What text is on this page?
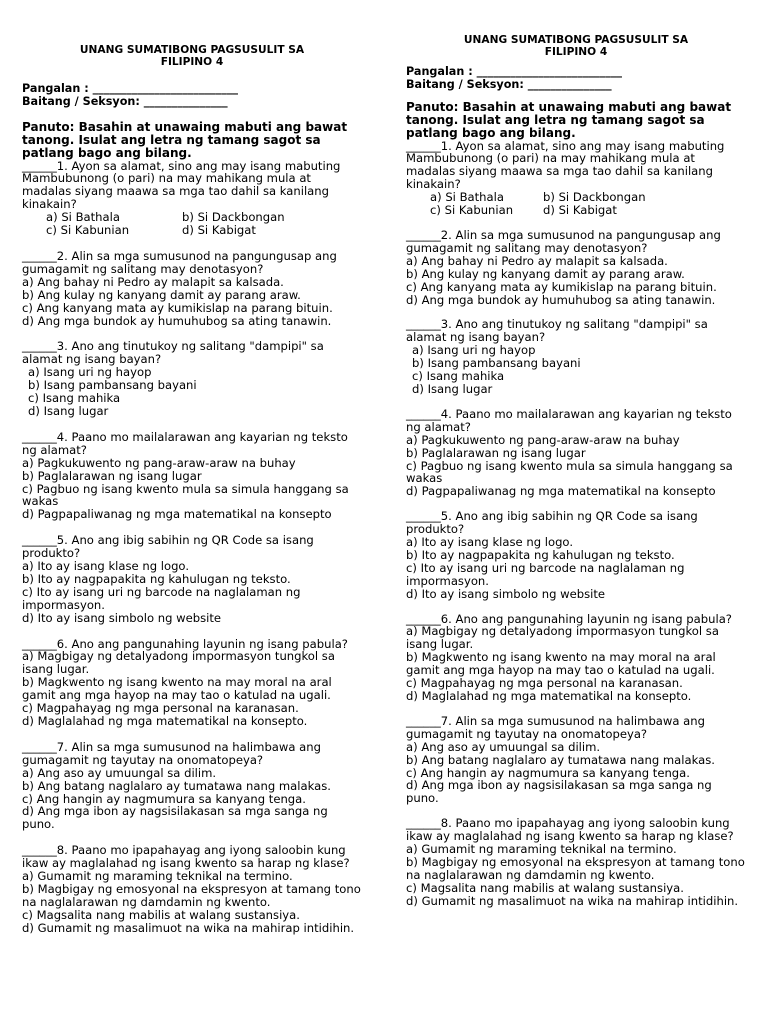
UNANG SUMATIBONG PAGSUSULIT SA
FILIPINO 4
Pangalan : __________________________
Baitang / Seksyon: _______________

Panuto: Basahin at unawaing mabuti ang bawat tanong. Isulat ang letra ng tamang sagot sa patlang bago ang bilang.

______1. Ayon sa alamat, sino ang may isang mabuting Mambubunong (o pari) na may mahikang mula at madalas siyang maawa sa mga tao dahil sa kanilang kinakain?

a) Si Bathala	b) Si Dackbongan
c) Si Kabunian	d) Si Kabigat

______2. Alin sa mga sumusunod na pangungusap ang gumagamit ng salitang may denotasyon?

a) Ang bahay ni Pedro ay malapit sa kalsada.

b) Ang kulay ng kanyang damit ay parang araw.

c) Ang kanyang mata ay kumikislap na parang bituin.

d) Ang mga bundok ay humuhubog sa ating tanawin.

______3. Ano ang tinutukoy ng salitang "dampipi" sa alamat ng isang bayan?

a) Isang uri ng hayop

b) Isang pambansang bayani

c) Isang mahika

d) Isang lugar

______4. Paano mo mailalarawan ang kayarian ng teksto ng alamat?

a) Pagkukuwento ng pang-araw-araw na buhay

b) Paglalarawan ng isang lugar

c) Pagbuo ng isang kwento mula sa simula hanggang sa wakas

d) Pagpapaliwanag ng mga matematikal na konsepto

______5. Ano ang ibig sabihin ng QR Code sa isang produkto?

a) Ito ay isang klase ng logo.

b) Ito ay nagpapakita ng kahulugan ng teksto.

c) Ito ay isang uri ng barcode na naglalaman ng impormasyon.

d) Ito ay isang simbolo ng website

______6. Ano ang pangunahing layunin ng isang pabula?

a) Magbigay ng detalyadong impormasyon tungkol sa isang lugar.

b) Magkwento ng isang kwento na may moral na aral gamit ang mga hayop na may tao o katulad na ugali.

c) Magpahayag ng mga personal na karanasan.

d) Maglalahad ng mga matematikal na konsepto.

______7. Alin sa mga sumusunod na halimbawa ang gumagamit ng tayutay na onomatopeya?

a) Ang aso ay umuungal sa dilim.

b) Ang batang naglalaro ay tumatawa nang malakas.

c) Ang hangin ay nagmumura sa kanyang tenga.

d) Ang mga ibon ay nagsisilakasan sa mga sanga ng puno.

______8. Paano mo ipapahayag ang iyong saloobin kung ikaw ay maglalahad ng isang kwento sa harap ng klase?

a) Gumamit ng maraming teknikal na termino.

b) Magbigay ng emosyonal na ekspresyon at tamang tono na naglalarawan ng damdamin ng kwento.

c) Magsalita nang mabilis at walang sustansiya.

d) Gumamit ng masalimuot na wika na mahirap intidihin.

UNANG SUMATIBONG PAGSUSULIT SA
FILIPINO 4
Pangalan : __________________________
Baitang / Seksyon: _______________

Panuto: Basahin at unawaing mabuti ang bawat tanong. Isulat ang letra ng tamang sagot sa patlang bago ang bilang.

______1. Ayon sa alamat, sino ang may isang mabuting Mambubunong (o pari) na may mahikang mula at madalas siyang maawa sa mga tao dahil sa kanilang kinakain?

a) Si Bathala	b) Si Dackbongan
c) Si Kabunian	d) Si Kabigat

______2. Alin sa mga sumusunod na pangungusap ang gumagamit ng salitang may denotasyon?

a) Ang bahay ni Pedro ay malapit sa kalsada.

b) Ang kulay ng kanyang damit ay parang araw.

c) Ang kanyang mata ay kumikislap na parang bituin.

d) Ang mga bundok ay humuhubog sa ating tanawin.

______3. Ano ang tinutukoy ng salitang "dampipi" sa alamat ng isang bayan?

a) Isang uri ng hayop

b) Isang pambansang bayani

c) Isang mahika

d) Isang lugar

______4. Paano mo mailalarawan ang kayarian ng teksto ng alamat?

a) Pagkukuwento ng pang-araw-araw na buhay

b) Paglalarawan ng isang lugar

c) Pagbuo ng isang kwento mula sa simula hanggang sa wakas

d) Pagpapaliwanag ng mga matematikal na konsepto

______5. Ano ang ibig sabihin ng QR Code sa isang produkto?

a) Ito ay isang klase ng logo.

b) Ito ay nagpapakita ng kahulugan ng teksto.

c) Ito ay isang uri ng barcode na naglalaman ng impormasyon.

d) Ito ay isang simbolo ng website

______6. Ano ang pangunahing layunin ng isang pabula?

a) Magbigay ng detalyadong impormasyon tungkol sa isang lugar.

b) Magkwento ng isang kwento na may moral na aral gamit ang mga hayop na may tao o katulad na ugali.

c) Magpahayag ng mga personal na karanasan.

d) Maglalahad ng mga matematikal na konsepto.

______7. Alin sa mga sumusunod na halimbawa ang gumagamit ng tayutay na onomatopeya?

a) Ang aso ay umuungal sa dilim.

b) Ang batang naglalaro ay tumatawa nang malakas.

c) Ang hangin ay nagmumura sa kanyang tenga.

d) Ang mga ibon ay nagsisilakasan sa mga sanga ng puno.

______8. Paano mo ipapahayag ang iyong saloobin kung ikaw ay maglalahad ng isang kwento sa harap ng klase?

a) Gumamit ng maraming teknikal na termino.

b) Magbigay ng emosyonal na ekspresyon at tamang tono na naglalarawan ng damdamin ng kwento.

c) Magsalita nang mabilis at walang sustansiya.

d) Gumamit ng masalimuot na wika na mahirap intidihin.
